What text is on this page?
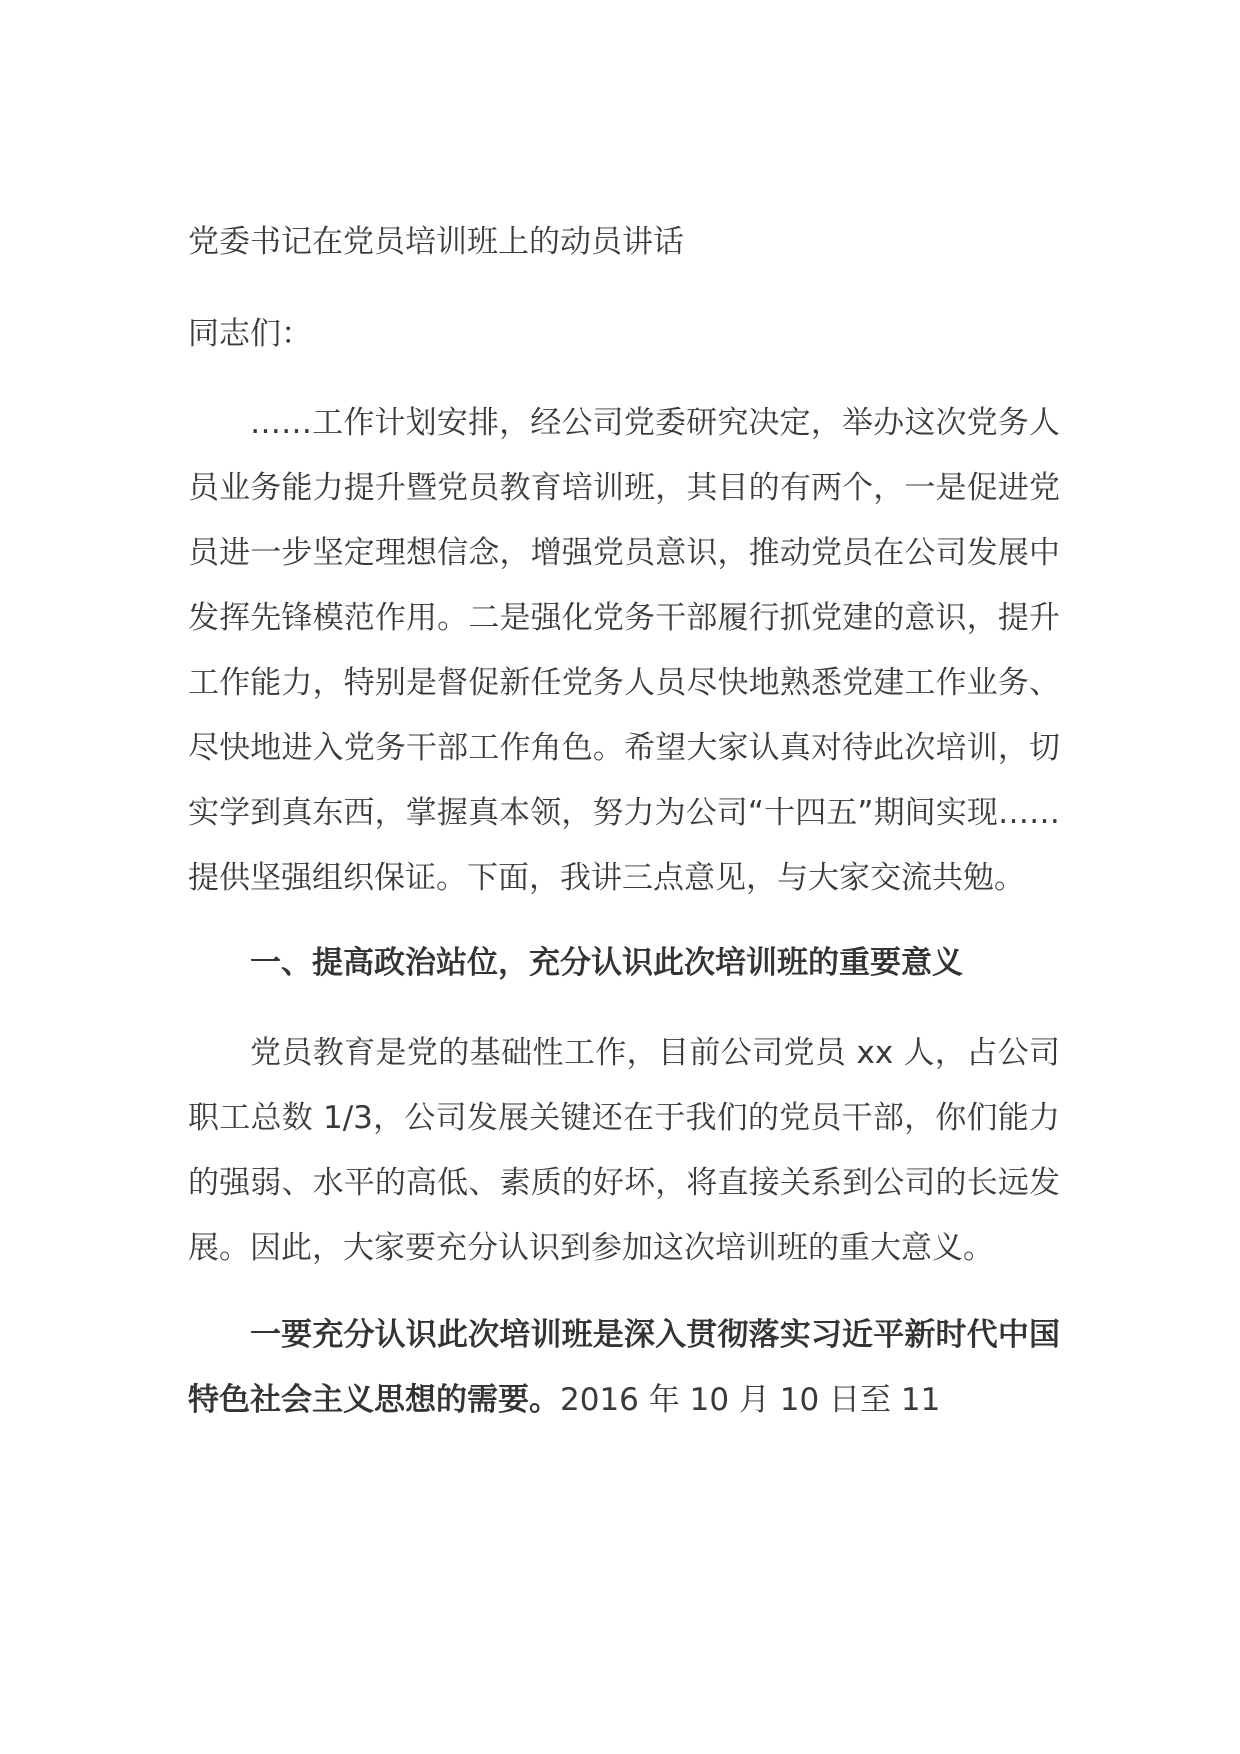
党委书记在党员培训班上的动员讲话

同志们：

……工作计划安排，经公司党委研究决定，举办这次党务人员业务能力提升暨党员教育培训班，其目的有两个，一是促进党员进一步坚定理想信念，增强党员意识，推动党员在公司发展中发挥先锋模范作用。二是强化党务干部履行抓党建的意识，提升工作能力，特别是督促新任党务人员尽快地熟悉党建工作业务、尽快地进入党务干部工作角色。希望大家认真对待此次培训，切实学到真东西，掌握真本领，努力为公司“十四五”期间实现……提供坚强组织保证。下面，我讲三点意见，与大家交流共勉。

一、提高政治站位，充分认识此次培训班的重要意义

党员教育是党的基础性工作，目前公司党员 xx 人，占公司职工总数 1/3，公司发展关键还在于我们的党员干部，你们能力的强弱、水平的高低、素质的好坏，将直接关系到公司的长远发展。因此，大家要充分认识到参加这次培训班的重大意义。

一要充分认识此次培训班是深入贯彻落实习近平新时代中国特色社会主义思想的需要。2016 年 10 月 10 日至 11
